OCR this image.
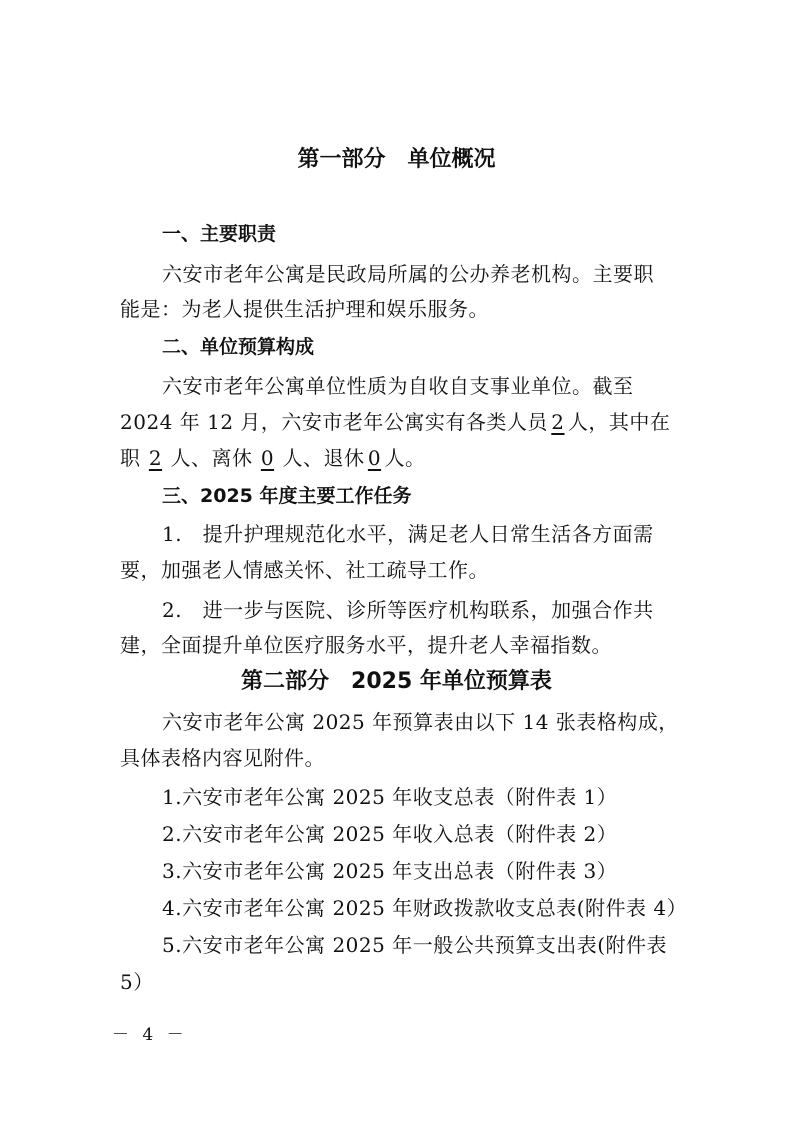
第一部分　单位概况
一、主要职责
六安市老年公寓是民政局所属的公办养老机构。主要职
能是：为老人提供生活护理和娱乐服务。
二、单位预算构成
六安市老年公寓单位性质为自收自支事业单位。截至
2024 年 12 月，六安市老年公寓实有各类人员 2 人，其中在
职 2 人、离休 0 人、退休 0 人。
三、2025 年度主要工作任务
1.　提升护理规范化水平，满足老人日常生活各方面需
要，加强老人情感关怀、社工疏导工作。
2.　进一步与医院、诊所等医疗机构联系，加强合作共
建，全面提升单位医疗服务水平，提升老人幸福指数。
第二部分　2025 年单位预算表
六安市老年公寓 2025 年预算表由以下 14 张表格构成，
具体表格内容见附件。
1.六安市老年公寓 2025 年收支总表（附件表 1）
2.六安市老年公寓 2025 年收入总表（附件表 2）
3.六安市老年公寓 2025 年支出总表（附件表 3）
4.六安市老年公寓 2025 年财政拨款收支总表(附件表 4）
5.六安市老年公寓 2025 年一般公共预算支出表(附件表
5）
－ 4 －
